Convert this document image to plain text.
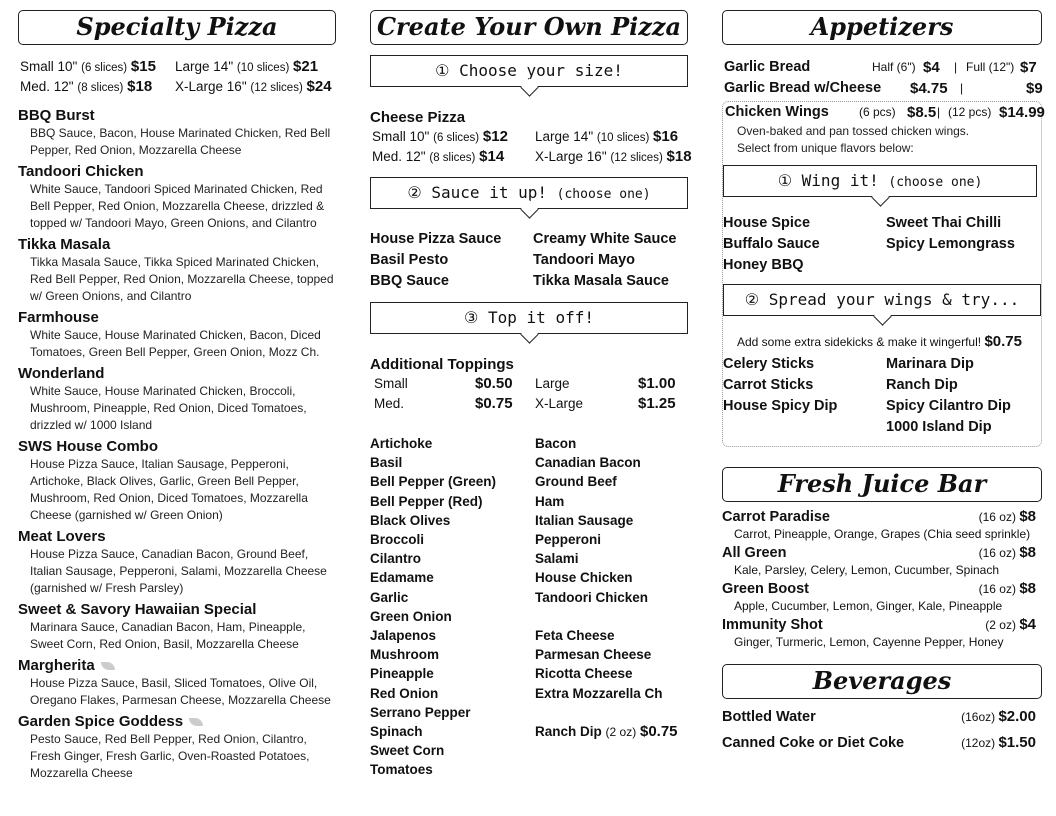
Specialty Pizza
Small 10" (6 slices) $15 Large 14" (10 slices) $21
Med. 12" (8 slices) $18 X-Large 16" (12 slices) $24
BBQ Burst
BBQ Sauce, Bacon, House Marinated Chicken, Red Bell Pepper, Red Onion, Mozzarella Cheese
Tandoori Chicken
White Sauce, Tandoori Spiced Marinated Chicken, Red Bell Pepper, Red Onion, Mozzarella Cheese, drizzled & topped w/ Tandoori Mayo, Green Onions, and Cilantro
Tikka Masala
Tikka Masala Sauce, Tikka Spiced Marinated Chicken, Red Bell Pepper, Red Onion, Mozzarella Cheese, topped w/ Green Onions, and Cilantro
Farmhouse
White Sauce, House Marinated Chicken, Bacon, Diced Tomatoes, Green Bell Pepper, Green Onion, Mozz Ch.
Wonderland
White Sauce, House Marinated Chicken, Broccoli, Mushroom, Pineapple, Red Onion, Diced Tomatoes, drizzled w/ 1000 Island
SWS House Combo
House Pizza Sauce, Italian Sausage, Pepperoni, Artichoke, Black Olives, Garlic, Green Bell Pepper, Mushroom, Red Onion, Diced Tomatoes, Mozzarella Cheese (garnished w/ Green Onion)
Meat Lovers
House Pizza Sauce, Canadian Bacon, Ground Beef, Italian Sausage, Pepperoni, Salami, Mozzarella Cheese (garnished w/ Fresh Parsley)
Sweet & Savory Hawaiian Special
Marinara Sauce, Canadian Bacon, Ham, Pineapple, Sweet Corn, Red Onion, Basil, Mozzarella Cheese
Margherita
House Pizza Sauce, Basil, Sliced Tomatoes, Olive Oil, Oregano Flakes, Parmesan Cheese, Mozzarella Cheese
Garden Spice Goddess
Pesto Sauce, Red Bell Pepper, Red Onion, Cilantro, Fresh Ginger, Fresh Garlic, Oven-Roasted Potatoes, Mozzarella Cheese
Create Your Own Pizza
① Choose your size!
Cheese Pizza
Small 10" (6 slices) $12 Large 14" (10 slices) $16
Med. 12" (8 slices) $14 X-Large 16" (12 slices) $18
② Sauce it up! (choose one)
House Pizza Sauce	Creamy White Sauce
Basil Pesto	Tandoori Mayo
BBQ Sauce	Tikka Masala Sauce
③ Top it off!
Additional Toppings
Small	$0.50 Large	$1.00
Med.	$0.75 X-Large	$1.25
Artichoke
Basil
Bell Pepper (Green)
Bell Pepper (Red)
Black Olives
Broccoli
Cilantro
Edamame
Garlic
Green Onion
Jalapenos
Mushroom
Pineapple
Red Onion
Serrano Pepper
Spinach
Sweet Corn
Tomatoes
Bacon
Canadian Bacon
Ground Beef
Ham
Italian Sausage
Pepperoni
Salami
House Chicken
Tandoori Chicken

Feta Cheese
Parmesan Cheese
Ricotta Cheese
Extra Mozzarella Ch

Ranch Dip (2 oz) $0.75
Appetizers
Garlic Bread	Half (6") $4 | Full (12") $7
Garlic Bread w/Cheese $4.75 |	$9
Chicken Wings	(6 pcs) $8.5 | (12 pcs) $14.99
Oven-baked and pan tossed chicken wings.
Select from unique flavors below:
① Wing it! (choose one)
House Spice	Sweet Thai Chilli
Buffalo Sauce	Spicy Lemongrass
Honey BBQ
② Spread your wings & try...
Add some extra sidekicks & make it wingerful! $0.75
Celery Sticks	Marinara Dip
Carrot Sticks	Ranch Dip
House Spicy Dip	Spicy Cilantro Dip
1000 Island Dip
Fresh Juice Bar
Carrot Paradise	(16 oz) $8
Carrot, Pineapple, Orange, Grapes (Chia seed sprinkle)
All Green	(16 oz) $8
Kale, Parsley, Celery, Lemon, Cucumber, Spinach
Green Boost	(16 oz) $8
Apple, Cucumber, Lemon, Ginger, Kale, Pineapple
Immunity Shot	(2 oz) $4
Ginger, Turmeric, Lemon, Cayenne Pepper, Honey
Beverages
Bottled Water	(16oz) $2.00
Canned Coke or Diet Coke	(12oz) $1.50
